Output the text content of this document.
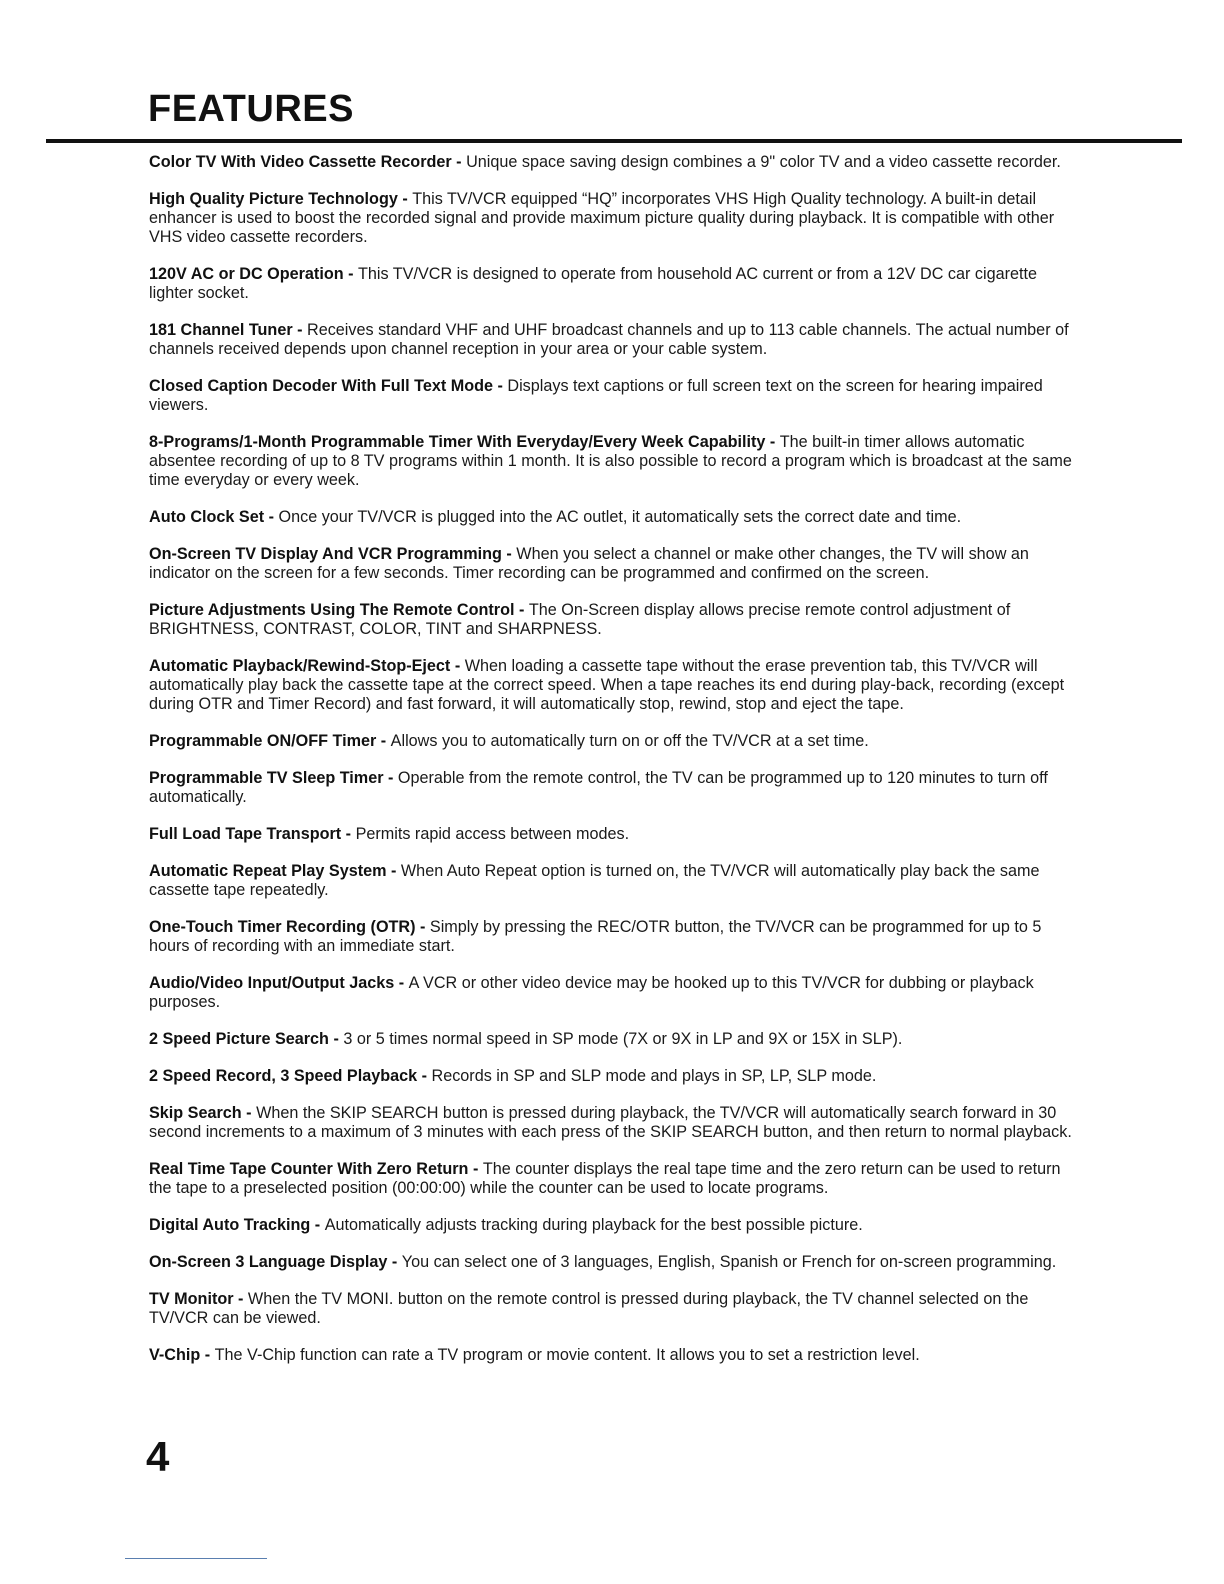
FEATURES

Color TV With Video Cassette Recorder - Unique space saving design combines a 9" color TV and a video cassette recorder.

High Quality Picture Technology - This TV/VCR equipped “HQ” incorporates VHS High Quality technology. A built-in detail enhancer is used to boost the recorded signal and provide maximum picture quality during playback. It is compatible with other VHS video cassette recorders.

120V AC or DC Operation - This TV/VCR is designed to operate from household AC current or from a 12V DC car cigarette lighter socket.

181 Channel Tuner - Receives standard VHF and UHF broadcast channels and up to 113 cable channels. The actual number of channels received depends upon channel reception in your area or your cable system.

Closed Caption Decoder With Full Text Mode - Displays text captions or full screen text on the screen for hearing impaired viewers.

8-Programs/1-Month Programmable Timer With Everyday/Every Week Capability - The built-in timer allows automatic absentee recording of up to 8 TV programs within 1 month. It is also possible to record a program which is broadcast at the same time everyday or every week.

Auto Clock Set - Once your TV/VCR is plugged into the AC outlet, it automatically sets the correct date and time.

On-Screen TV Display And VCR Programming - When you select a channel or make other changes, the TV will show an indicator on the screen for a few seconds. Timer recording can be programmed and confirmed on the screen.

Picture Adjustments Using The Remote Control - The On-Screen display allows precise remote control adjustment of BRIGHTNESS, CONTRAST, COLOR, TINT and SHARPNESS.

Automatic Playback/Rewind-Stop-Eject - When loading a cassette tape without the erase prevention tab, this TV/VCR will automatically play back the cassette tape at the correct speed. When a tape reaches its end during play-back, recording (except during OTR and Timer Record) and fast forward, it will automatically stop, rewind, stop and eject the tape.

Programmable ON/OFF Timer - Allows you to automatically turn on or off the TV/VCR at a set time.

Programmable TV Sleep Timer - Operable from the remote control, the TV can be programmed up to 120 minutes to turn off automatically.

Full Load Tape Transport - Permits rapid access between modes.

Automatic Repeat Play System - When Auto Repeat option is turned on, the TV/VCR will automatically play back the same cassette tape repeatedly.

One-Touch Timer Recording (OTR) - Simply by pressing the REC/OTR button, the TV/VCR can be programmed for up to 5 hours of recording with an immediate start.

Audio/Video Input/Output Jacks - A VCR or other video device may be hooked up to this TV/VCR for dubbing or playback purposes.

2 Speed Picture Search - 3 or 5 times normal speed in SP mode (7X or 9X in LP and 9X or 15X in SLP).

2 Speed Record, 3 Speed Playback - Records in SP and SLP mode and plays in SP, LP, SLP mode.

Skip Search - When the SKIP SEARCH button is pressed during playback, the TV/VCR will automatically search forward in 30 second increments to a maximum of 3 minutes with each press of the SKIP SEARCH button, and then return to normal playback.

Real Time Tape Counter With Zero Return - The counter displays the real tape time and the zero return can be used to return the tape to a preselected position (00:00:00) while the counter can be used to locate programs.

Digital Auto Tracking - Automatically adjusts tracking during playback for the best possible picture.

On-Screen 3 Language Display - You can select one of 3 languages, English, Spanish or French for on-screen programming.

TV Monitor - When the TV MONI. button on the remote control is pressed during playback, the TV channel selected on the TV/VCR can be viewed.

V-Chip - The V-Chip function can rate a TV program or movie content. It allows you to set a restriction level.

4
